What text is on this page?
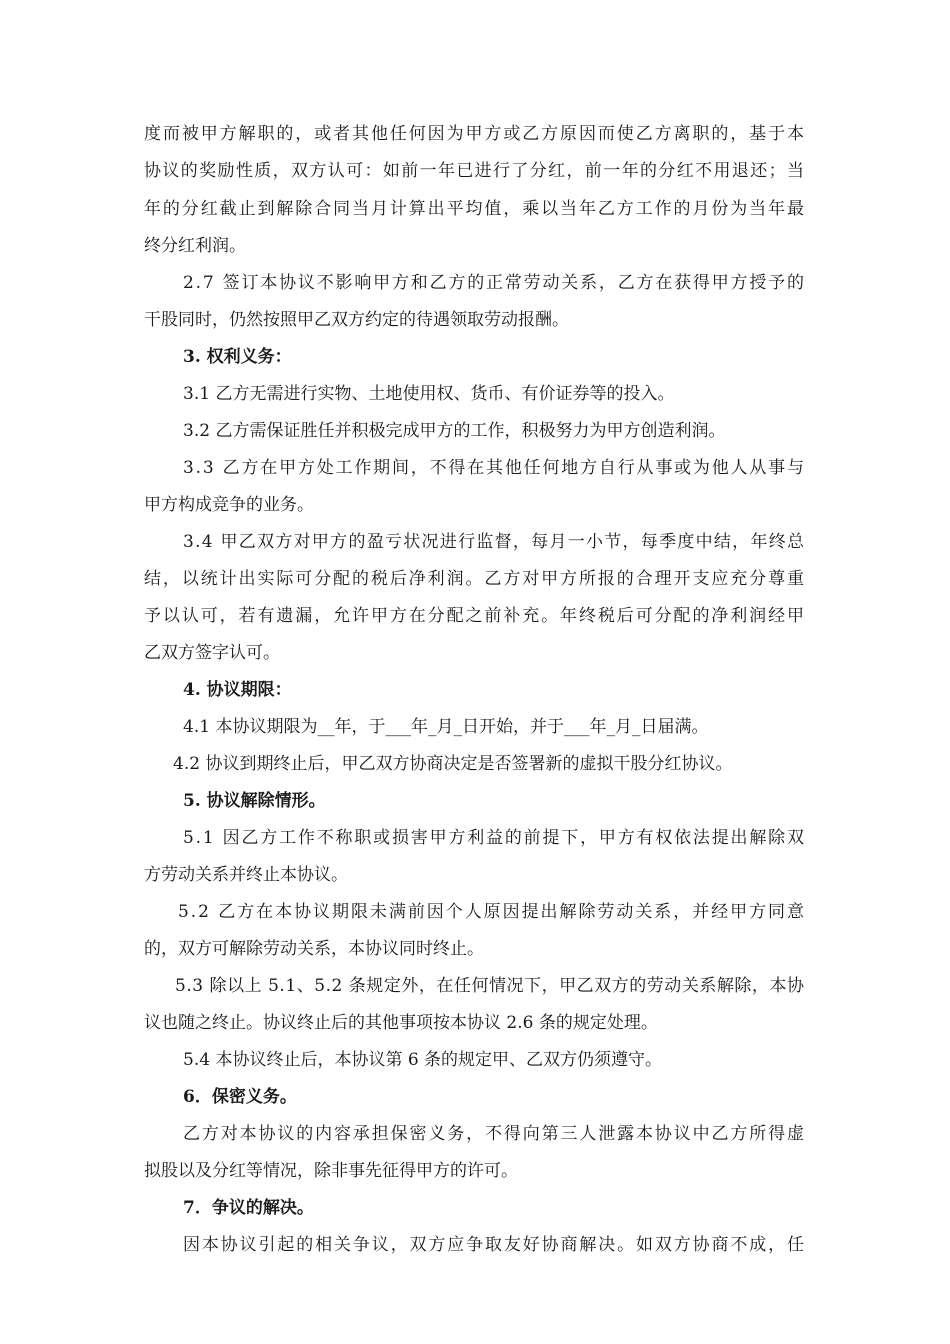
度而被甲方解职的，或者其他任何因为甲方或乙方原因而使乙方离职的，基于本
协议的奖励性质，双方认可：如前一年已进行了分红，前一年的分红不用退还；当
年的分红截止到解除合同当月计算出平均值，乘以当年乙方工作的月份为当年最
终分红利润。
2.7 签订本协议不影响甲方和乙方的正常劳动关系，乙方在获得甲方授予的
干股同时，仍然按照甲乙双方约定的待遇领取劳动报酬。
3. 权利义务：
3.1 乙方无需进行实物、土地使用权、货币、有价证券等的投入。
3.2 乙方需保证胜任并积极完成甲方的工作，积极努力为甲方创造利润。
3.3 乙方在甲方处工作期间，不得在其他任何地方自行从事或为他人从事与
甲方构成竞争的业务。
3.4 甲乙双方对甲方的盈亏状况进行监督，每月一小节，每季度中结，年终总
结，以统计出实际可分配的税后净利润。乙方对甲方所报的合理开支应充分尊重
予以认可，若有遗漏，允许甲方在分配之前补充。年终税后可分配的净利润经甲
乙双方签字认可。
4. 协议期限：
4.1 本协议期限为__年，于___年_月_日开始，并于___年_月_日届满。
4.2 协议到期终止后，甲乙双方协商决定是否签署新的虚拟干股分红协议。
5. 协议解除情形。
5.1 因乙方工作不称职或损害甲方利益的前提下，甲方有权依法提出解除双
方劳动关系并终止本协议。
5.2 乙方在本协议期限未满前因个人原因提出解除劳动关系，并经甲方同意
的，双方可解除劳动关系，本协议同时终止。
5.3 除以上 5.1、5.2 条规定外，在任何情况下，甲乙双方的劳动关系解除，本协
议也随之终止。协议终止后的其他事项按本协议 2.6 条的规定处理。
5.4 本协议终止后，本协议第 6 条的规定甲、乙双方仍须遵守。
6．保密义务。
乙方对本协议的内容承担保密义务，不得向第三人泄露本协议中乙方所得虚
拟股以及分红等情况，除非事先征得甲方的许可。
7．争议的解决。
因本协议引起的相关争议，双方应争取友好协商解决。如双方协商不成，任
